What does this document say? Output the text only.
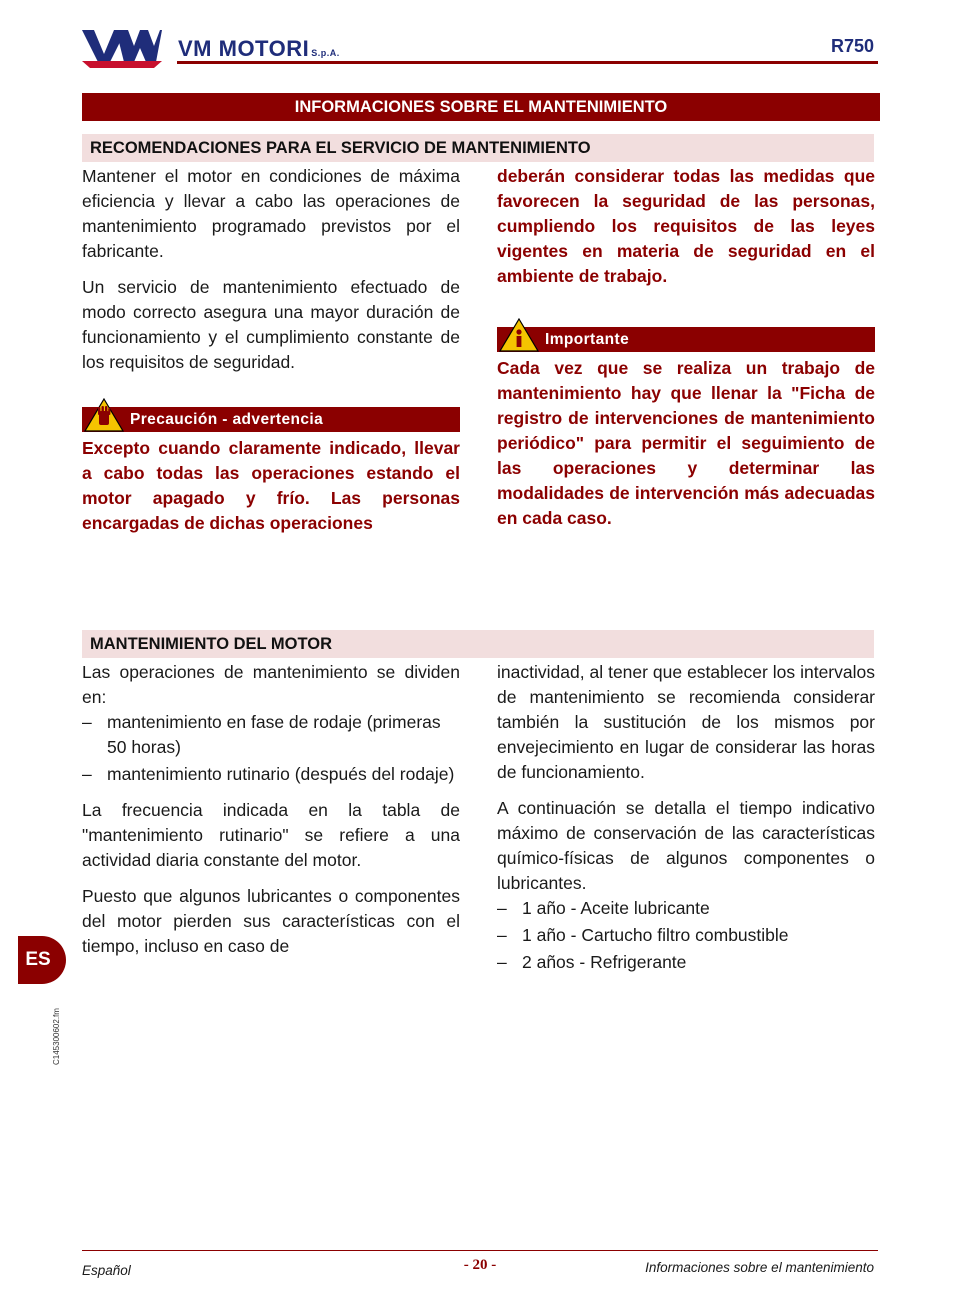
VM MOTORI S.p.A.	R750
INFORMACIONES SOBRE EL MANTENIMIENTO
RECOMENDACIONES PARA EL SERVICIO DE MANTENIMIENTO

Mantener el motor en condiciones de máxima eficiencia y llevar a cabo las operaciones de mantenimiento programado previstos por el fabricante.

Un servicio de mantenimiento efectuado de modo correcto asegura una mayor duración de funcionamiento y el cumplimiento constante de los requisitos de seguridad.

Precaución - advertencia

Excepto cuando claramente indicado, llevar a cabo todas las operaciones estando el motor apagado y frío. Las personas encargadas de dichas operaciones

deberán considerar todas las medidas que favorecen la seguridad de las personas, cumpliendo los requisitos de las leyes vigentes en materia de seguridad en el ambiente de trabajo.

Importante

Cada vez que se realiza un trabajo de mantenimiento hay que llenar la "Ficha de registro de intervenciones de mantenimiento periódico" para permitir el seguimiento de las operaciones y determinar las modalidades de intervención más adecuadas en cada caso.

MANTENIMIENTO DEL MOTOR

Las operaciones de mantenimiento se dividen en:

– mantenimiento en fase de rodaje (primeras 50 horas)
– mantenimiento rutinario (después del rodaje)

La frecuencia indicada en la tabla de "mantenimiento rutinario" se refiere a una actividad diaria constante del motor.

Puesto que algunos lubricantes o componentes del motor pierden sus características con el tiempo, incluso en caso de

inactividad, al tener que establecer los intervalos de mantenimiento se recomienda considerar también la sustitución de los mismos por envejecimiento en lugar de considerar las horas de funcionamiento.

A continuación se detalla el tiempo indicativo máximo de conservación de las características químico-físicas de algunos componentes o lubricantes.

– 1 año - Aceite lubricante
– 1 año - Cartucho filtro combustible
– 2 años - Refrigerante
ES
C145300602.fm
Español	- 20 -	Informaciones sobre el mantenimiento
